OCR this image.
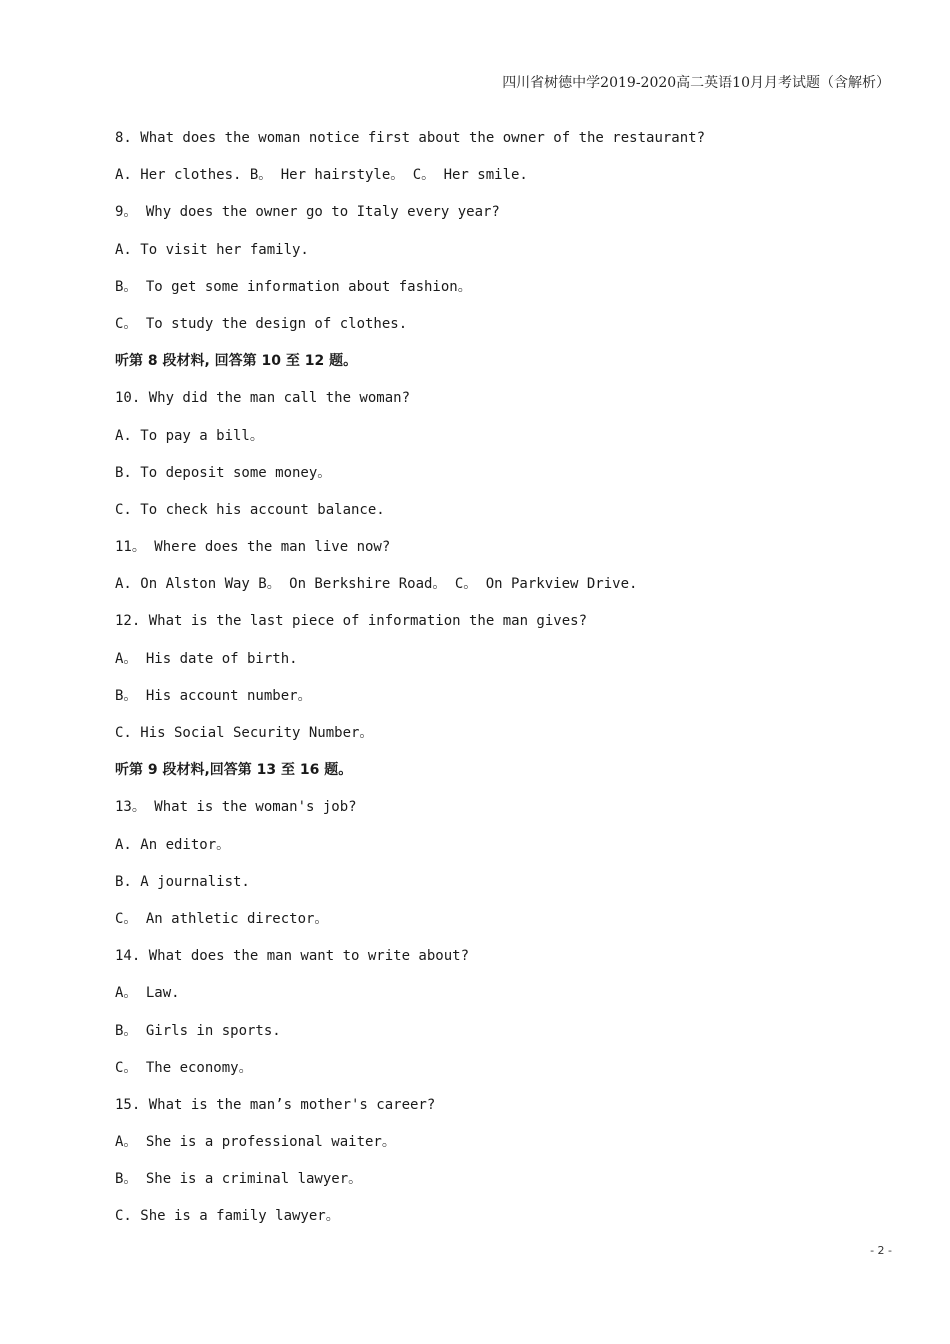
四川省树德中学2019-2020高二英语10月月考试题（含解析）
8. What does the woman notice first about the owner of the restaurant?
A. Her clothes. B。 Her hairstyle。 C。 Her smile.
9。 Why does the owner go to Italy every year?
A. To visit her family.
B。 To get some information about fashion。
C。 To study the design of clothes.
听第 8 段材料, 回答第 10 至 12 题。
10. Why did the man call the woman?
A. To pay a bill。
B. To deposit some money。
C. To check his account balance.
11。 Where does the man live now?
A. On Alston Way B。 On Berkshire Road。 C。 On Parkview Drive.
12. What is the last piece of information the man gives?
A。 His date of birth.
B。 His account number。
C. His Social Security Number。
听第 9 段材料,回答第 13 至 16 题。
13。 What is the woman's job?
A. An editor。
B. A journalist.
C。 An athletic director。
14. What does the man want to write about?
A。 Law.
B。 Girls in sports.
C。 The economy。
15. What is the man’s mother's career?
A。 She is a professional waiter。
B。 She is a criminal lawyer。
C. She is a family lawyer。
- 2 -
